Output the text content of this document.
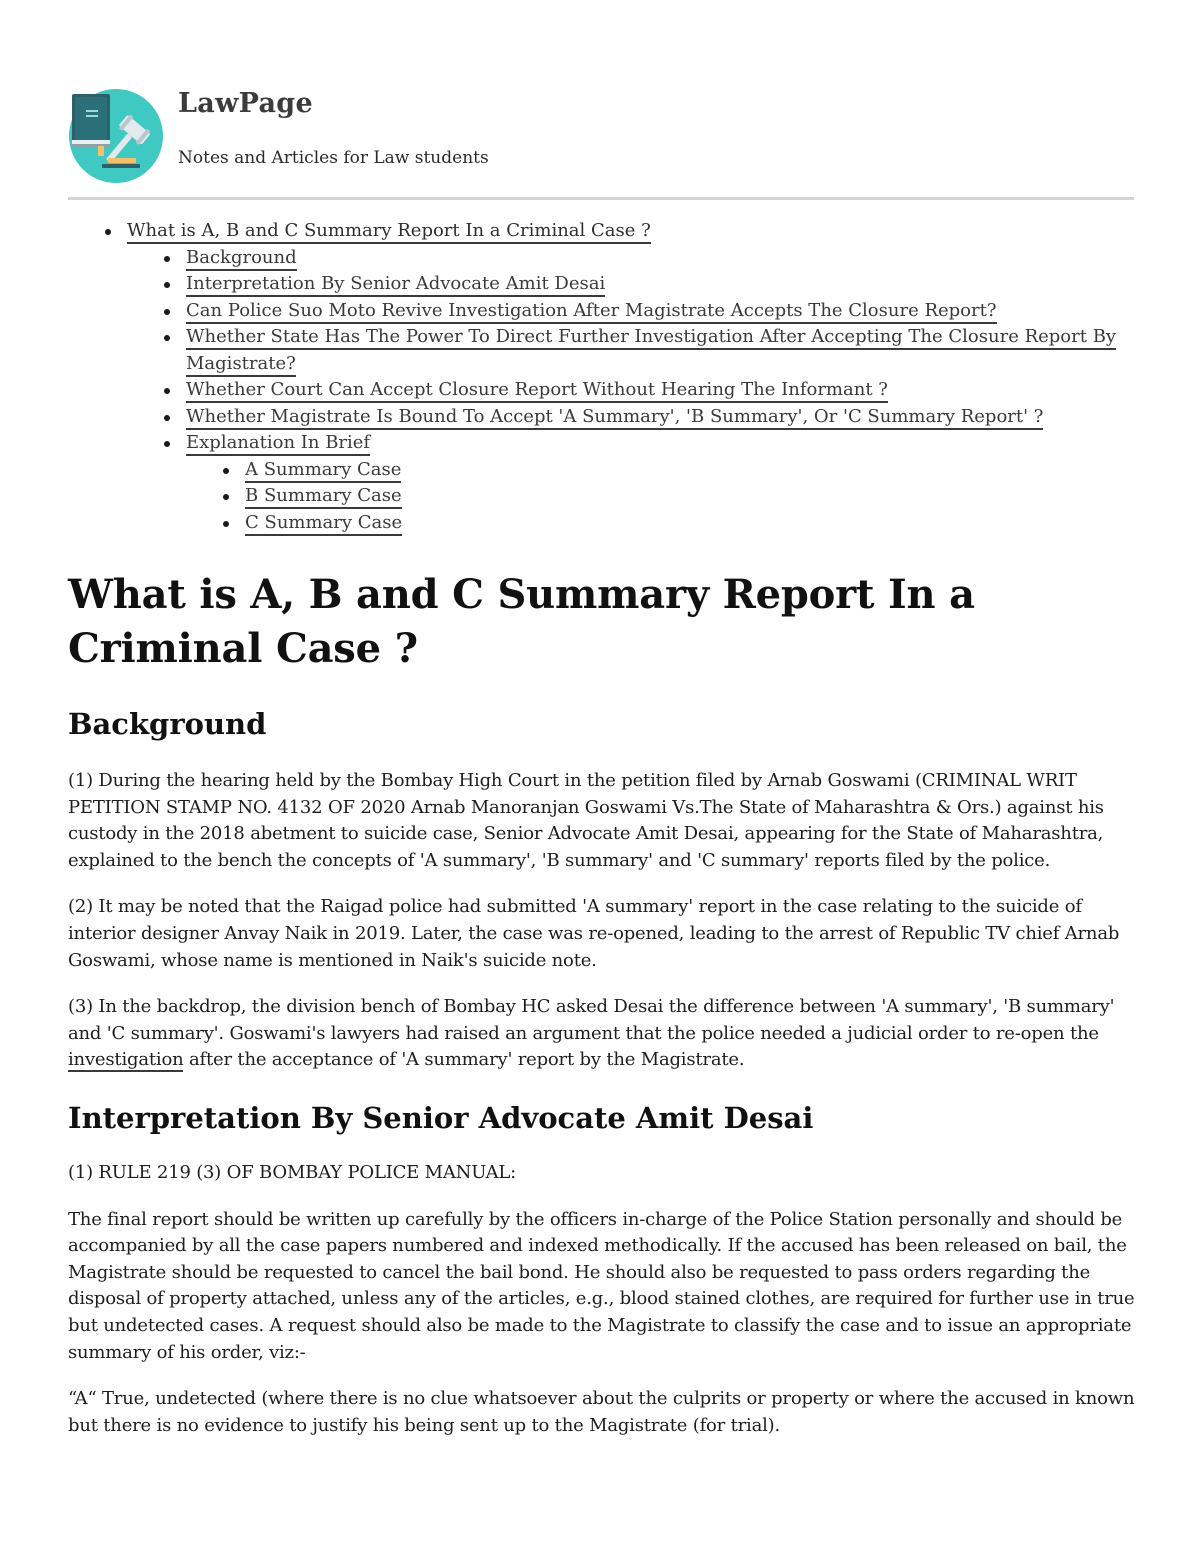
LawPage
Notes and Articles for Law students
What is A, B and C Summary Report In a Criminal Case ?
Background
Interpretation By Senior Advocate Amit Desai
Can Police Suo Moto Revive Investigation After Magistrate Accepts The Closure Report?
Whether State Has The Power To Direct Further Investigation After Accepting The Closure Report By Magistrate?
Whether Court Can Accept Closure Report Without Hearing The Informant ?
Whether Magistrate Is Bound To Accept 'A Summary', 'B Summary', Or 'C Summary Report' ?
Explanation In Brief
A Summary Case
B Summary Case
C Summary Case
What is A, B and C Summary Report In a Criminal Case ?
Background

(1) During the hearing held by the Bombay High Court in the petition filed by Arnab Goswami (CRIMINAL WRIT PETITION STAMP NO. 4132 OF 2020 Arnab Manoranjan Goswami Vs.The State of Maharashtra & Ors.) against his custody in the 2018 abetment to suicide case, Senior Advocate Amit Desai, appearing for the State of Maharashtra, explained to the bench the concepts of 'A summary', 'B summary' and 'C summary' reports filed by the police.

(2) It may be noted that the Raigad police had submitted 'A summary' report in the case relating to the suicide of interior designer Anvay Naik in 2019. Later, the case was re-opened, leading to the arrest of Republic TV chief Arnab Goswami, whose name is mentioned in Naik's suicide note.

(3) In the backdrop, the division bench of Bombay HC asked Desai the difference between 'A summary', 'B summary' and 'C summary'. Goswami's lawyers had raised an argument that the police needed a judicial order to re-open the investigation after the acceptance of 'A summary' report by the Magistrate.

Interpretation By Senior Advocate Amit Desai

(1) RULE 219 (3) OF BOMBAY POLICE MANUAL:

The final report should be written up carefully by the officers in-charge of the Police Station personally and should be accompanied by all the case papers numbered and indexed methodically. If the accused has been released on bail, the Magistrate should be requested to cancel the bail bond. He should also be requested to pass orders regarding the disposal of property attached, unless any of the articles, e.g., blood stained clothes, are required for further use in true but undetected cases. A request should also be made to the Magistrate to classify the case and to issue an appropriate summary of his order, viz:-

“A“ True, undetected (where there is no clue whatsoever about the culprits or property or where the accused in known but there is no evidence to justify his being sent up to the Magistrate (for trial).
